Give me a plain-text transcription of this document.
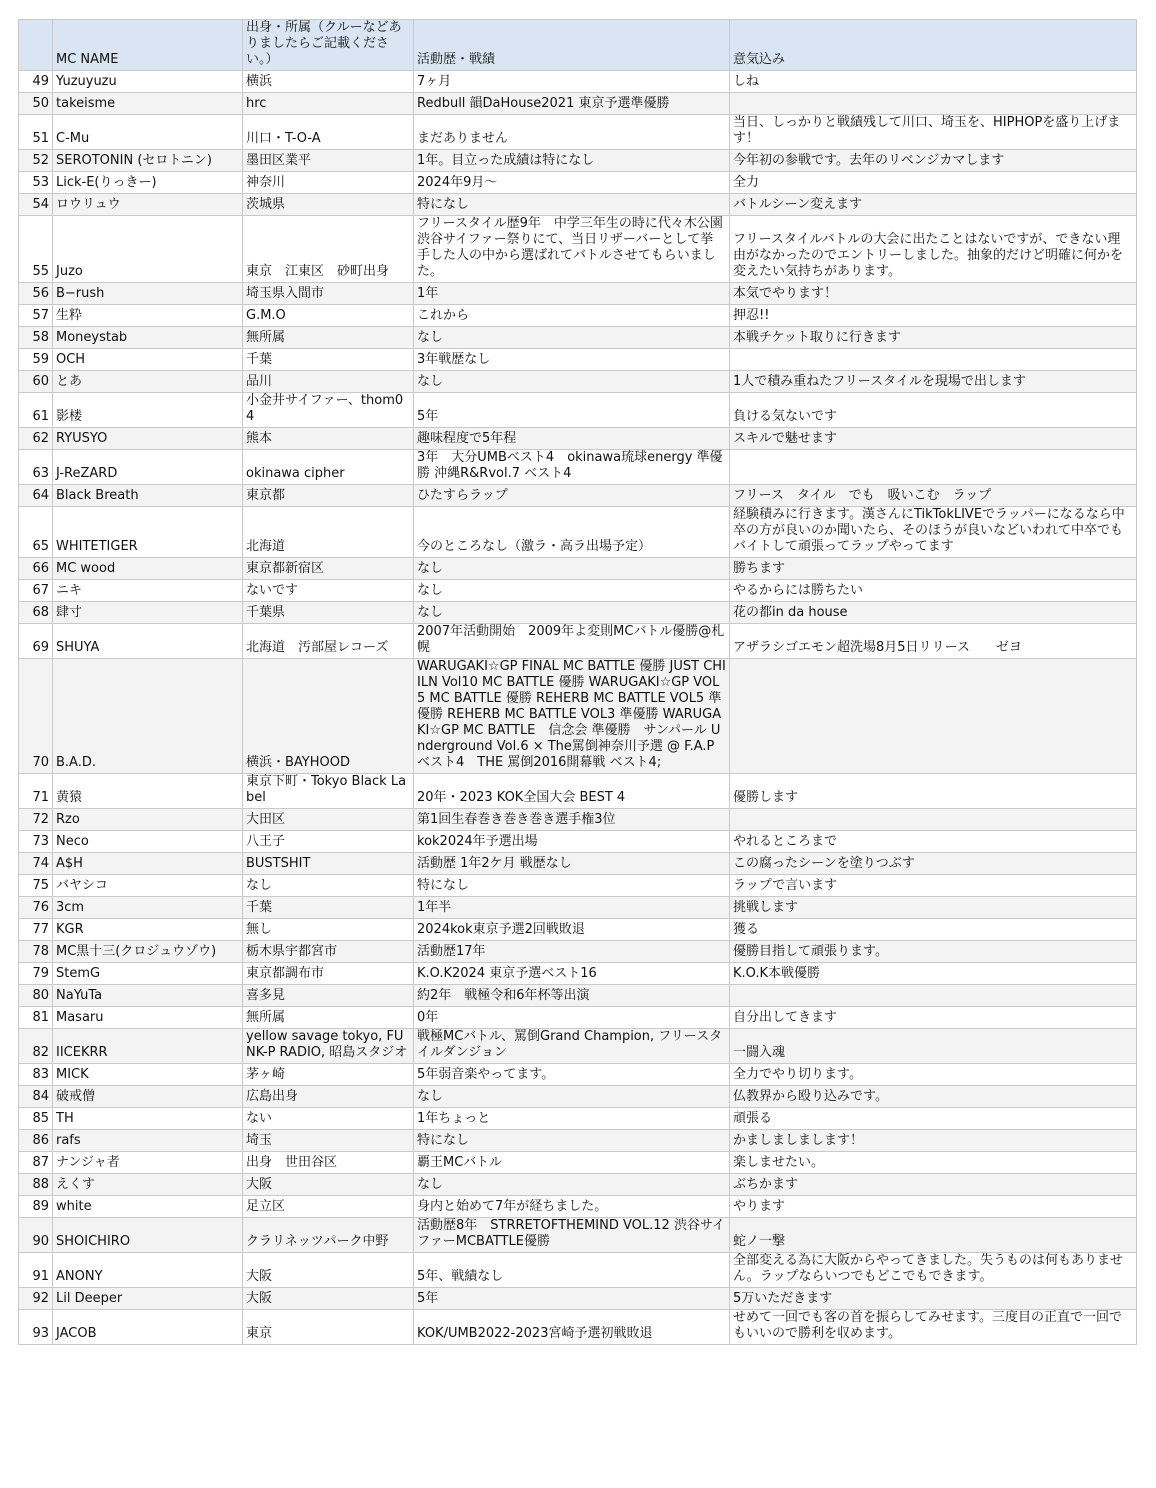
	MC NAME	出身・所属（クルーなどありましたらご記載ください。）	活動歴・戦績	意気込み
49	Yuzuyuzu	横浜	7ヶ月	しね
50	takeisme	hrc	Redbull 韻DaHouse2021 東京予選準優勝	
51	C-Mu	川口・T-O-A	まだありません	当日、しっかりと戦績残して川口、埼玉を、HIPHOPを盛り上げます！
52	SEROTONIN (セロトニン)	墨田区業平	1年。目立った成績は特になし	今年初の参戦です。去年のリベンジカマします
53	Lick-E(りっきー)	神奈川	2024年9月〜	全力
54	ロウリュウ	茨城県	特になし	バトルシーン変えます
55	Juzo	東京　江東区　砂町出身	フリースタイル歴9年　中学三年生の時に代々木公園渋谷サイファー祭りにて、当日リザーバーとして挙手した人の中から選ばれてバトルさせてもらいました。	フリースタイルバトルの大会に出たことはないですが、できない理由がなかったのでエントリーしました。抽象的だけど明確に何かを変えたい気持ちがあります。
56	B−rush	埼玉県入間市	1年	本気でやります！
57	生粋	G.M.O	これから	押忍!!
58	Moneystab	無所属	なし	本戦チケット取りに行きます
59	OCH	千葉	3年戦歴なし	
60	とあ	品川	なし	1人で積み重ねたフリースタイルを現場で出します
61	影楼	小金井サイファー、thom04	5年	負ける気ないです
62	RYUSYO	熊本	趣味程度で5年程	スキルで魅せます
63	J-ReZARD	okinawa cipher	3年　大分UMBベスト4　okinawa琉球energy 準優勝 沖縄R&Rvol.7 ベスト4	
64	Black Breath	東京都	ひたすらラップ	フリース　タイル　でも　吸いこむ　ラップ
65	WHITETIGER	北海道	今のところなし（激ラ・高ラ出場予定）	経験積みに行きます。漢さんにTikTokLIVEでラッパーになるなら中卒の方が良いのか聞いたら、そのほうが良いなどいわれて中卒でもバイトして頑張ってラップやってます
66	MC wood	東京都新宿区	なし	勝ちます
67	ニキ	ないです	なし	やるからには勝ちたい
68	肆寸	千葉県	なし	花の都in da house
69	SHUYA	北海道　汚部屋レコーズ	2007年活動開始　2009年よ変則MCバトル優勝@札幌	アザラシゴエモン超洗場8月5日リリース　　ゼヨ
70	B.A.D.	横浜・BAYHOOD	WARUGAKI☆GP FINAL MC BATTLE 優勝 JUST CHIILN Vol10 MC BATTLE 優勝 WARUGAKI☆GP VOL5 MC BATTLE 優勝 REHERB MC BATTLE VOL5 準優勝 REHERB MC BATTLE VOL3 準優勝 WARUGAKI☆GP MC BATTLE　信念会 準優勝　サンパール Underground Vol.6 × The罵倒神奈川予選 @ F.A.P ベスト4　THE 罵倒2016開幕戦 ベスト4;	
71	黄猿	東京下町・Tokyo Black Label	20年・2023 KOK全国大会 BEST 4	優勝します
72	Rzo	大田区	第1回生春巻き巻き巻き選手権3位	
73	Neco	八王子	kok2024年予選出場	やれるところまで
74	A$H	BUSTSHIT	活動歴 1年2ケ月 戦歴なし	この腐ったシーンを塗りつぶす
75	バヤシコ	なし	特になし	ラップで言います
76	3cm	千葉	1年半	挑戦します
77	KGR	無し	2024kok東京予選2回戦敗退	獲る
78	MC黒十三(クロジュウゾウ)	栃木県宇都宮市	活動歴17年	優勝目指して頑張ります。
79	StemG	東京都調布市	K.O.K2024 東京予選ベスト16	K.O.K本戦優勝
80	NaYuTa	喜多見	約2年　戦極令和6年杯等出演	
81	Masaru	無所属	0年	自分出してきます
82	IICEKRR	yellow savage tokyo, FUNK-P RADIO, 昭島スタジオ	戦極MCバトル、罵倒Grand Champion, フリースタイルダンジョン	一闘入魂
83	MICK	茅ヶ崎	5年弱音楽やってます。	全力でやり切ります。
84	破戒僧	広島出身	なし	仏教界から殴り込みです。
85	TH	ない	1年ちょっと	頑張る
86	rafs	埼玉	特になし	かましましまします！
87	ナンジャ者	出身　世田谷区	覇王MCバトル	楽しませたい。
88	えくす	大阪	なし	ぶちかます
89	white	足立区	身内と始めて7年が経ちました。	やります
90	SHOICHIRO	クラリネッツパーク中野	活動歴8年　STRRETOFTHEMIND VOL.12 渋谷サイファーMCBATTLE優勝	蛇ノ一撃
91	ANONY	大阪	5年、戦績なし	全部変える為に大阪からやってきました。失うものは何もありません。ラップならいつでもどこでもできます。
92	Lil Deeper	大阪	5年	5万いただきます
93	JACOB	東京	KOK/UMB2022-2023宮崎予選初戦敗退	せめて一回でも客の首を振らしてみせます。三度目の正直で一回でもいいので勝利を収めます。
